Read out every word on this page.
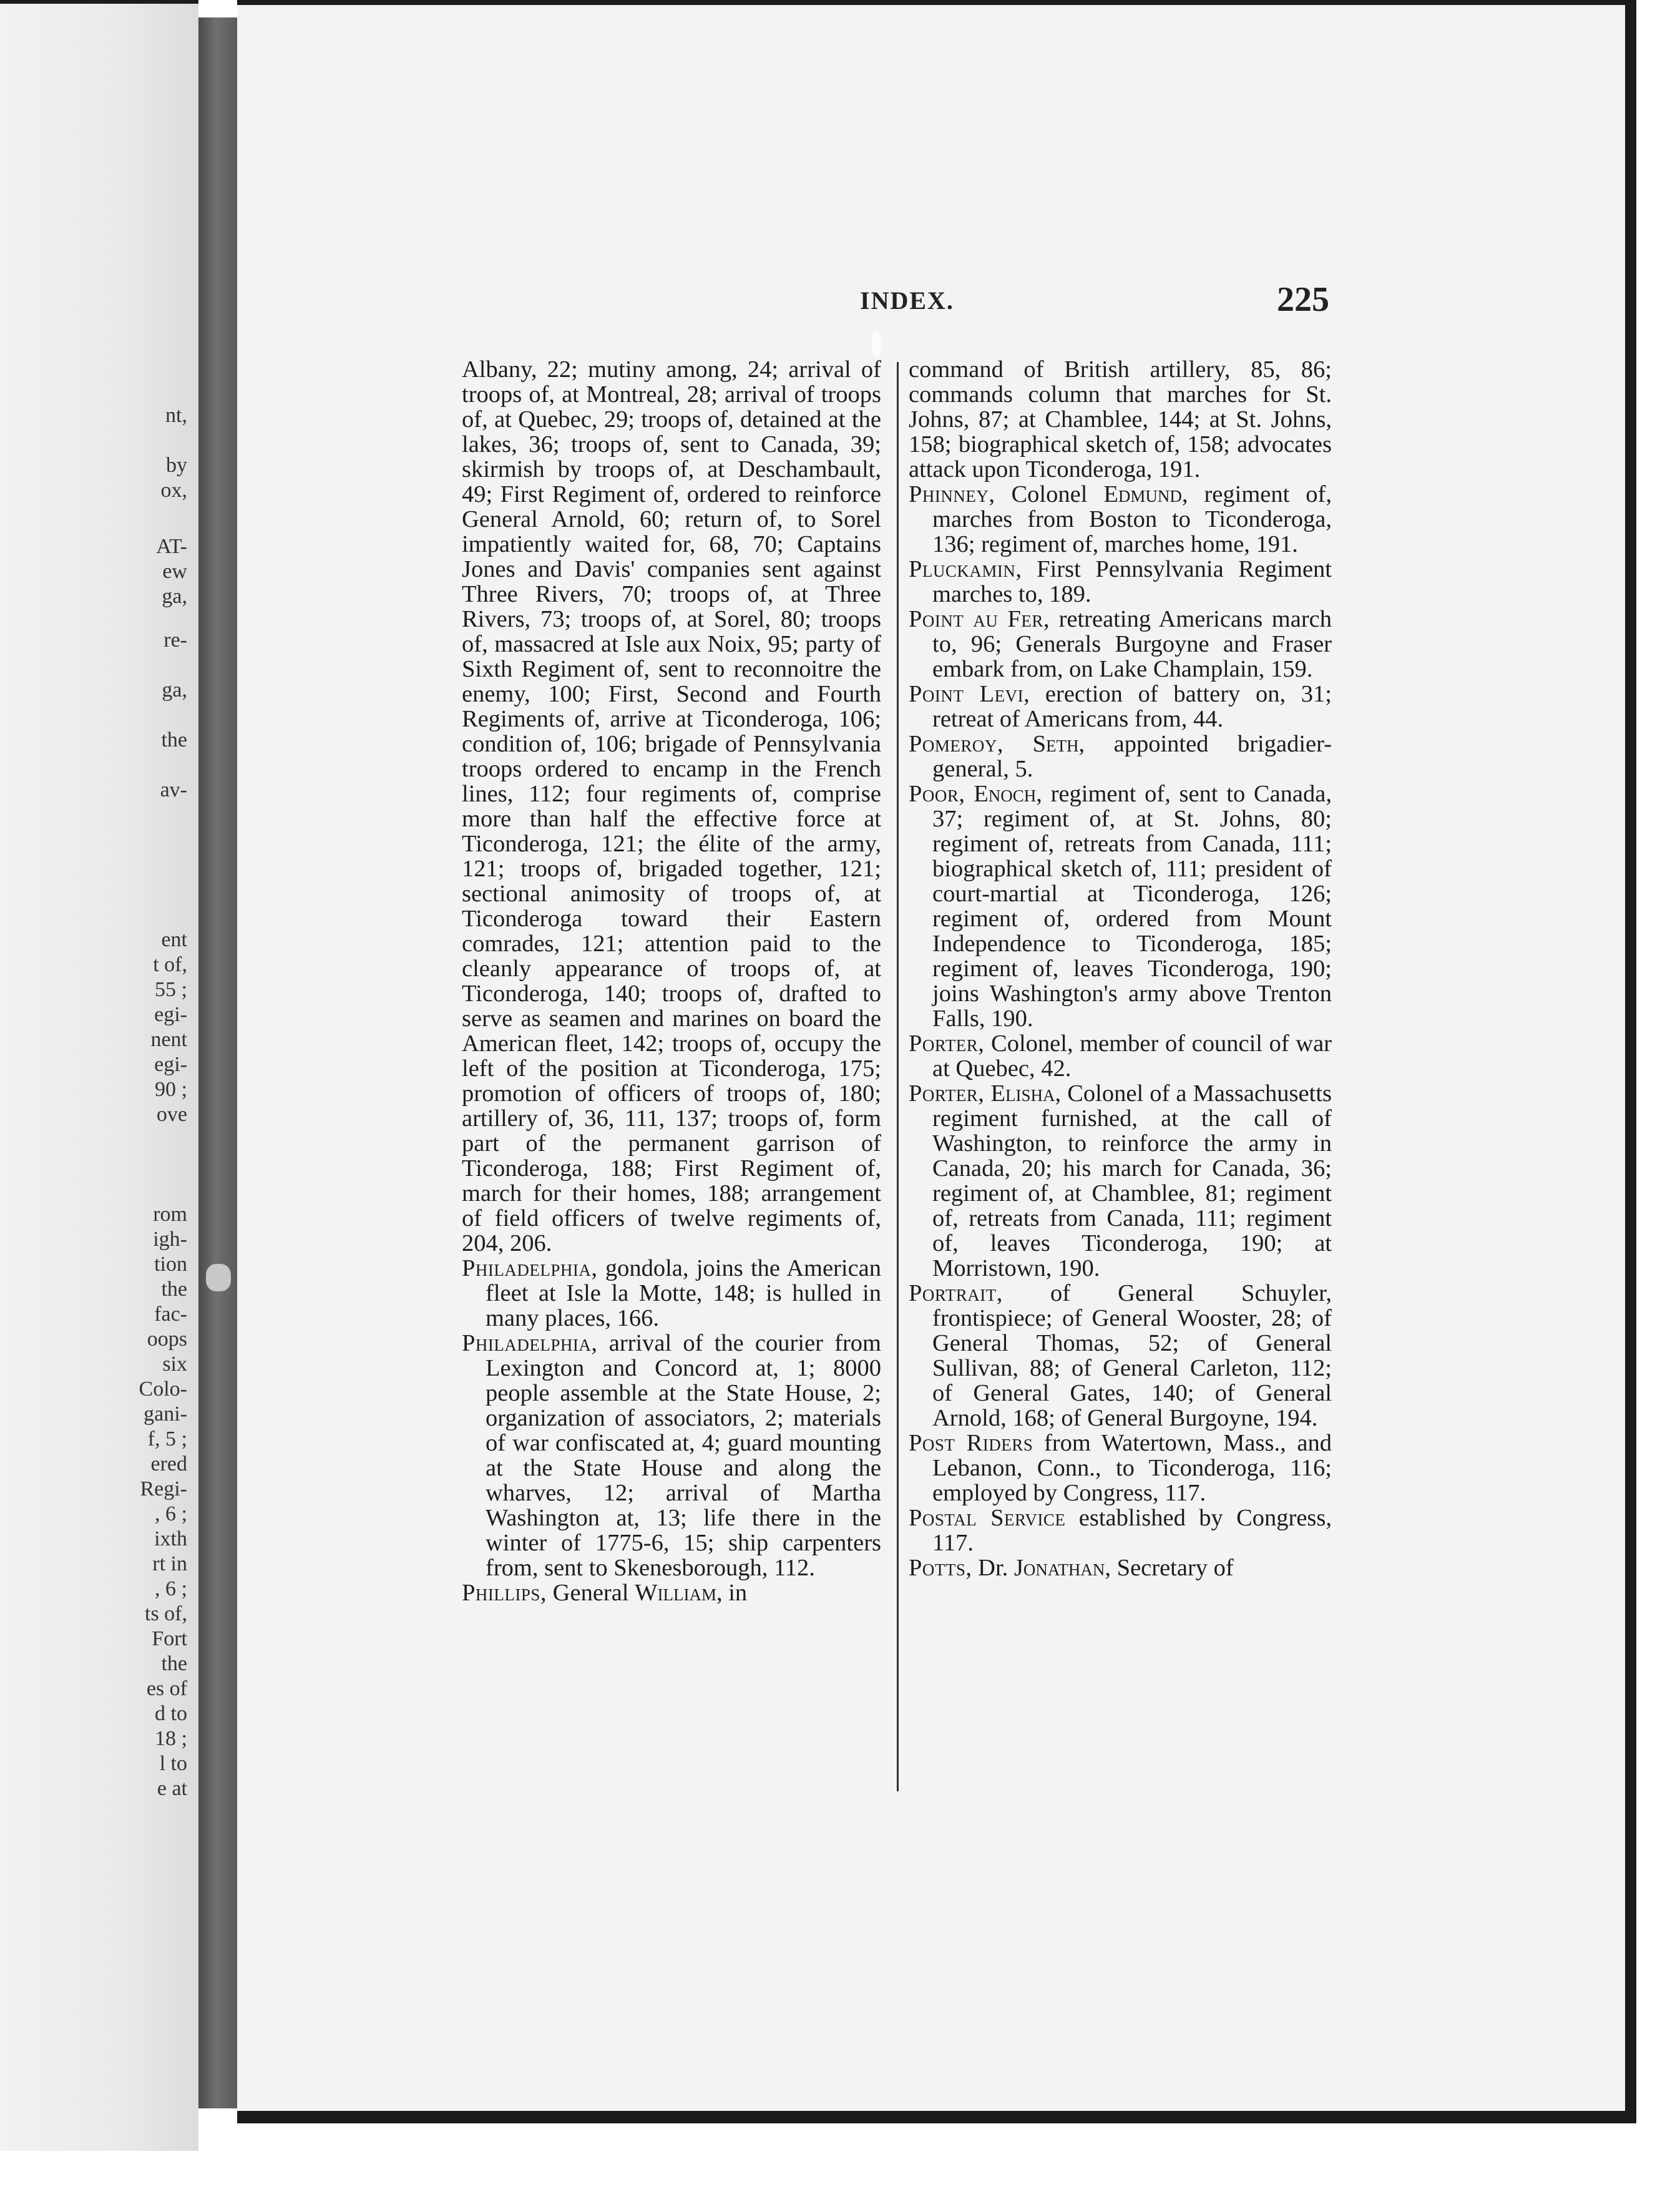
nt,
by
ox,
AT-
ew
ga,
re-
ga,
the
av-
ent
t of,
55 ;
egi-
nent
egi-
90 ;
ove
rom
igh-
tion
the
fac-
oops
six
Colo-
gani-
f, 5 ;
ered
Regi-
, 6 ;
ixth
rt in
, 6 ;
ts of,
Fort
the
es of
d to
18 ;
l to
e at
INDEX.	225

Albany, 22; mutiny among, 24; arrival of troops of, at Montreal, 28; arrival of troops of, at Quebec, 29; troops of, detained at the lakes, 36; troops of, sent to Canada, 39; skirmish by troops of, at Deschambault, 49; First Regiment of, ordered to reinforce General Arnold, 60; return of, to Sorel impatiently waited for, 68, 70; Captains Jones and Davis' companies sent against Three Rivers, 70; troops of, at Three Rivers, 73; troops of, at Sorel, 80; troops of, massacred at Isle aux Noix, 95; party of Sixth Regiment of, sent to reconnoitre the enemy, 100; First, Second and Fourth Regiments of, arrive at Ticonderoga, 106; condition of, 106; brigade of Pennsylvania troops ordered to encamp in the French lines, 112; four regiments of, comprise more than half the effective force at Ticonderoga, 121; the élite of the army, 121; troops of, brigaded together, 121; sectional animosity of troops of, at Ticonderoga toward their Eastern comrades, 121; attention paid to the cleanly appearance of troops of, at Ticonderoga, 140; troops of, drafted to serve as seamen and marines on board the American fleet, 142; troops of, occupy the left of the position at Ticonderoga, 175; promotion of officers of troops of, 180; artillery of, 36, 111, 137; troops of, form part of the permanent garrison of Ticonderoga, 188; First Regiment of, march for their homes, 188; arrangement of field officers of twelve regiments of, 204, 206.

Philadelphia, gondola, joins the American fleet at Isle la Motte, 148; is hulled in many places, 166.

Philadelphia, arrival of the courier from Lexington and Concord at, 1; 8000 people assemble at the State House, 2; organization of associators, 2; materials of war confiscated at, 4; guard mounting at the State House and along the wharves, 12; arrival of Martha Washington at, 13; life there in the winter of 1775-6, 15; ship carpenters from, sent to Skenesborough, 112.

Phillips, General William, in

command of British artillery, 85, 86; commands column that marches for St. Johns, 87; at Chamblee, 144; at St. Johns, 158; biographical sketch of, 158; advocates attack upon Ticonderoga, 191.

Phinney, Colonel Edmund, regiment of, marches from Boston to Ticonderoga, 136; regiment of, marches home, 191.

Pluckamin, First Pennsylvania Regiment marches to, 189.

Point au Fer, retreating Americans march to, 96; Generals Burgoyne and Fraser embark from, on Lake Champlain, 159.

Point Levi, erection of battery on, 31; retreat of Americans from, 44.

Pomeroy, Seth, appointed brigadier-general, 5.

Poor, Enoch, regiment of, sent to Canada, 37; regiment of, at St. Johns, 80; regiment of, retreats from Canada, 111; biographical sketch of, 111; president of court-martial at Ticonderoga, 126; regiment of, ordered from Mount Independence to Ticonderoga, 185; regiment of, leaves Ticonderoga, 190; joins Washington's army above Trenton Falls, 190.

Porter, Colonel, member of council of war at Quebec, 42.

Porter, Elisha, Colonel of a Massachusetts regiment furnished, at the call of Washington, to reinforce the army in Canada, 20; his march for Canada, 36; regiment of, at Chamblee, 81; regiment of, retreats from Canada, 111; regiment of, leaves Ticonderoga, 190; at Morristown, 190.

Portrait, of General Schuyler, frontispiece; of General Wooster, 28; of General Thomas, 52; of General Sullivan, 88; of General Carleton, 112; of General Gates, 140; of General Arnold, 168; of General Burgoyne, 194.

Post Riders from Watertown, Mass., and Lebanon, Conn., to Ticonderoga, 116; employed by Congress, 117.

Postal Service established by Congress, 117.

Potts, Dr. Jonathan, Secretary of
